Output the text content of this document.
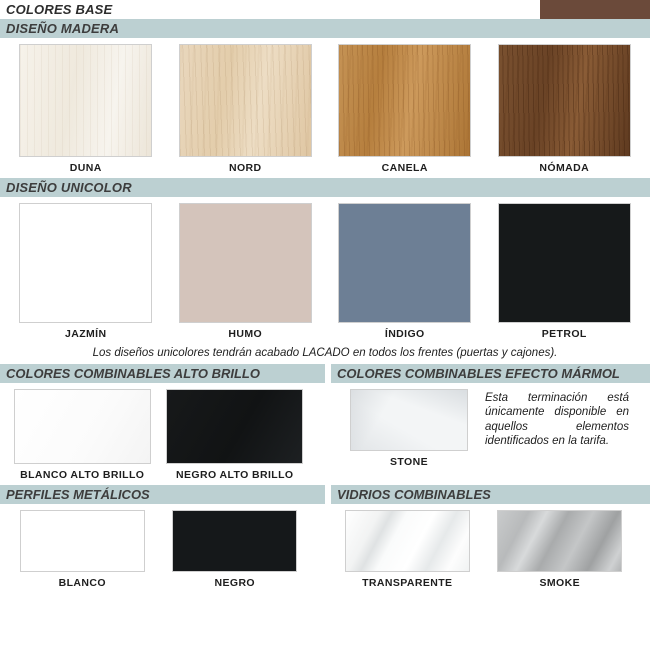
COLORES BASE
DISEÑO MADERA
DUNA	NORD	CANELA	NÓMADA
DISEÑO UNICOLOR
JAZMÍN	HUMO	ÍNDIGO	PETROL
Los diseños unicolores tendrán acabado LACADO en todos los frentes (puertas y cajones).
COLORES COMBINABLES ALTO BRILLO
BLANCO ALTO BRILLO	NEGRO ALTO BRILLO
COLORES COMBINABLES EFECTO MÁRMOL
STONE
Esta terminación está únicamente disponible en aquellos elementos identificados en la tarifa.
PERFILES METÁLICOS
BLANCO	NEGRO
VIDRIOS COMBINABLES
TRANSPARENTE	SMOKE
